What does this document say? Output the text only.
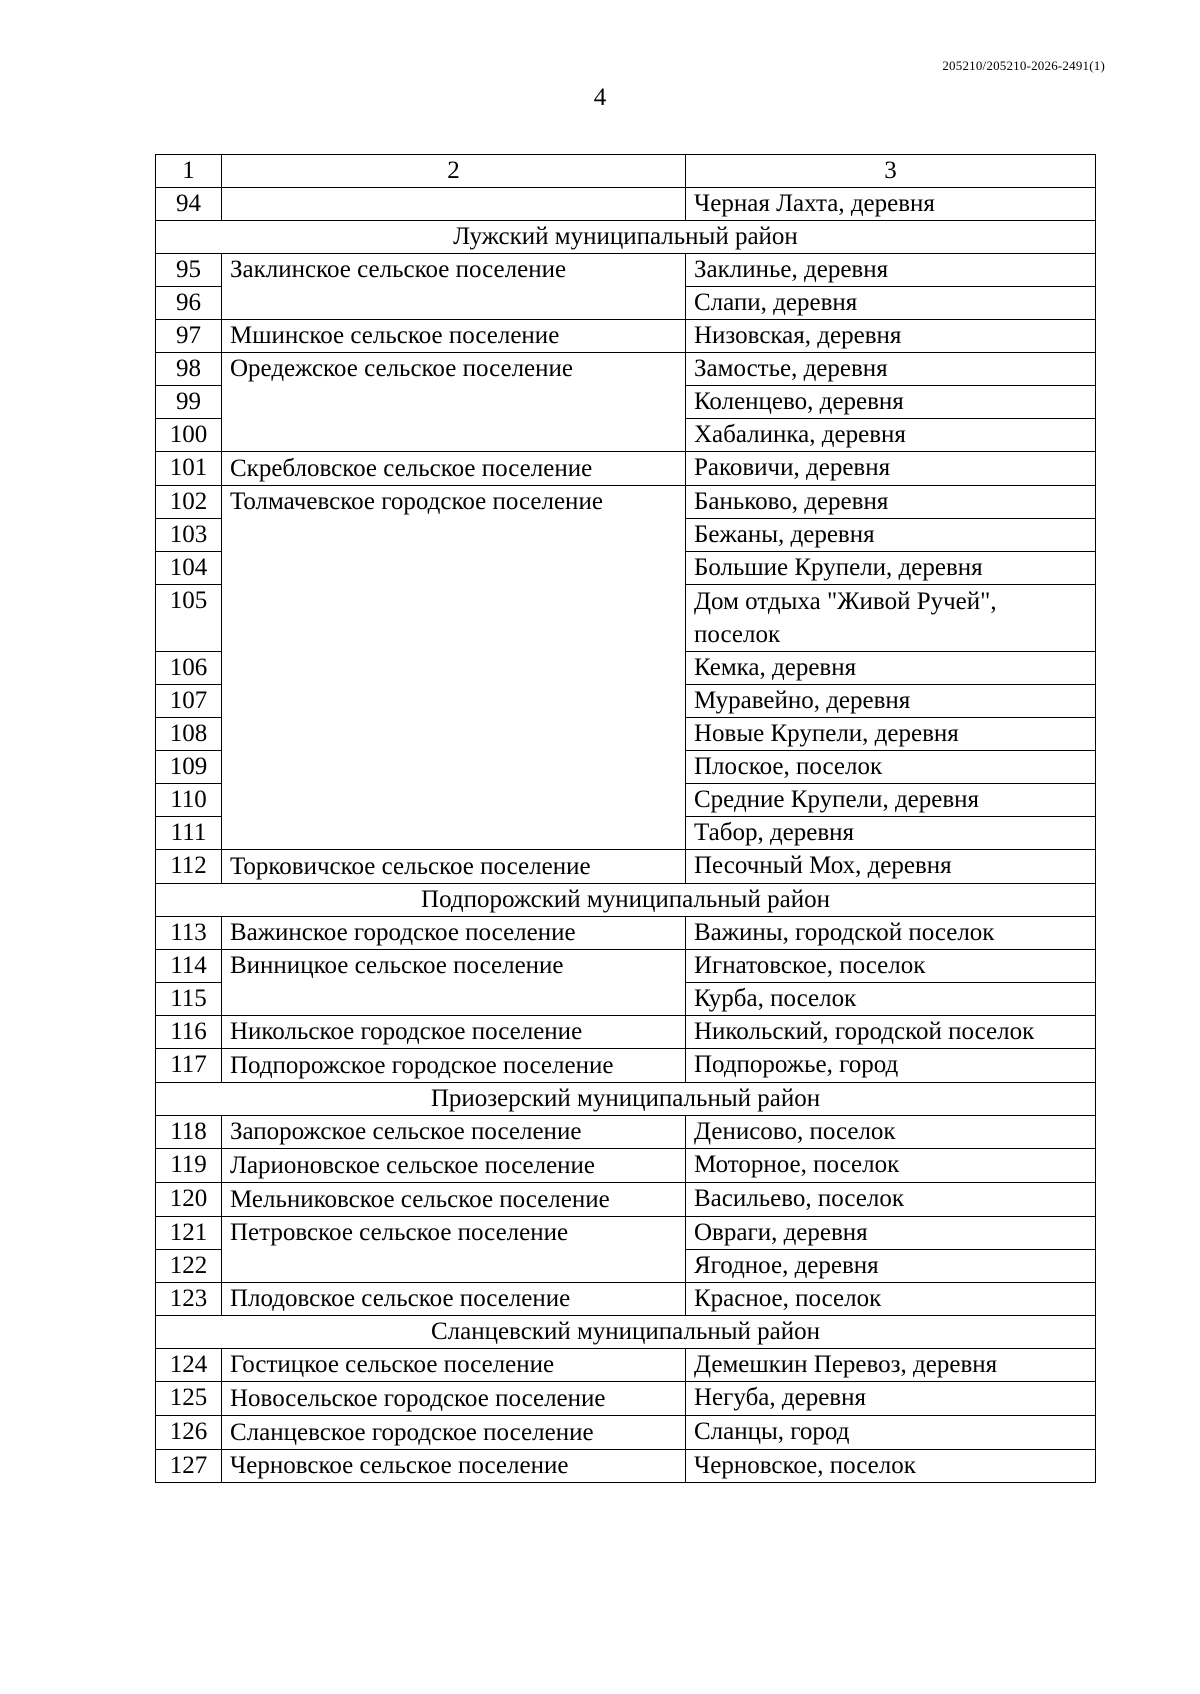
205210/205210-2026-2491(1)
4
1	2	3
94		Черная Лахта, деревня
Лужский муниципальный район		
95	Заклинское сельское поселение	Заклинье, деревня
96		Слапи, деревня
97	Мшинское сельское поселение	Низовская, деревня
98	Оредежское сельское поселение	Замостье, деревня
99		Коленцево, деревня
100		Хабалинка, деревня
101	Скребловское сельское поселение	Раковичи, деревня
102	Толмачевское городское поселение	Баньково, деревня
103		Бежаны, деревня
104		Большие Крупели, деревня
105		Дом отдыха "Живой Ручей", поселок
106		Кемка, деревня
107		Муравейно, деревня
108		Новые Крупели, деревня
109		Плоское, поселок
110		Средние Крупели, деревня
111		Табор, деревня
112	Торковичское сельское поселение	Песочный Мох, деревня
Подпорожский муниципальный район		
113	Важинское городское поселение	Важины, городской поселок
114	Винницкое сельское поселение	Игнатовское, поселок
115		Курба, поселок
116	Никольское городское поселение	Никольский, городской поселок
117	Подпорожское городское поселение	Подпорожье, город
Приозерский муниципальный район		
118	Запорожское сельское поселение	Денисово, поселок
119	Ларионовское сельское поселение	Моторное, поселок
120	Мельниковское сельское поселение	Васильево, поселок
121	Петровское сельское поселение	Овраги, деревня
122		Ягодное, деревня
123	Плодовское сельское поселение	Красное, поселок
Сланцевский муниципальный район		
124	Гостицкое сельское поселение	Демешкин Перевоз, деревня
125	Новосельское городское поселение	Негуба, деревня
126	Сланцевское городское поселение	Сланцы, город
127	Черновское сельское поселение	Черновское, поселок
